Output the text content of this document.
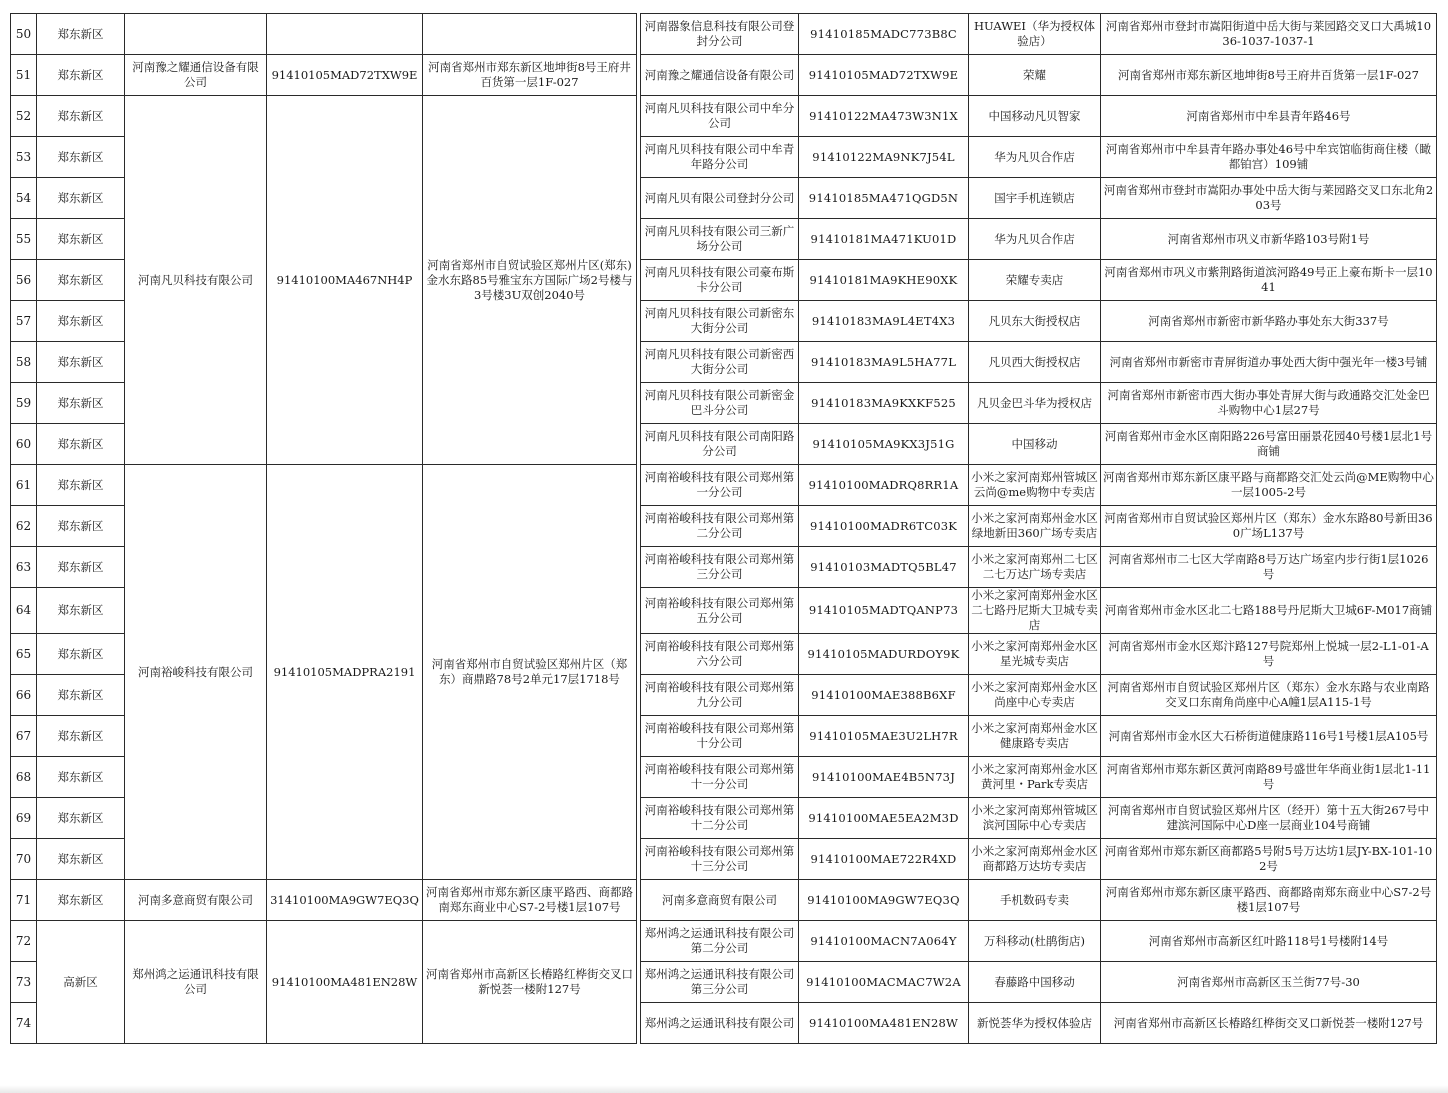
50	郑东新区					河南器象信息科技有限公司登封分公司	91410185MADC773B8C	HUAWEI（华为授权体验店）	河南省郑州市登封市嵩阳街道中岳大街与莱园路交叉口大禹城1036-1037-1037-1
51	郑东新区	河南豫之耀通信设备有限公司	91410105MAD72TXW9E	河南省郑州市郑东新区地坤街8号王府井百货第一层1F-027		河南豫之耀通信设备有限公司	91410105MAD72TXW9E	荣耀	河南省郑州市郑东新区地坤街8号王府井百货第一层1F-027
52	郑东新区	河南凡贝科技有限公司	91410100MA467NH4P	河南省郑州市自贸试验区郑州片区(郑东)金水东路85号雅宝东方国际广场2号楼与3号楼3U双创2040号		河南凡贝科技有限公司中牟分公司	91410122MA473W3N1X	中国移动凡贝智家	河南省郑州市中牟县青年路46号
53	郑东新区					河南凡贝科技有限公司中牟青年路分公司	91410122MA9NK7J54L	华为凡贝合作店	河南省郑州市中牟县青年路办事处46号中牟宾馆临街商住楼（瞰都铂宫）109铺
54	郑东新区					河南凡贝有限公司登封分公司	91410185MA471QGD5N	国宇手机连锁店	河南省郑州市登封市嵩阳办事处中岳大街与莱园路交叉口东北角203号
55	郑东新区					河南凡贝科技有限公司三新广场分公司	91410181MA471KU01D	华为凡贝合作店	河南省郑州市巩义市新华路103号附1号
56	郑东新区					河南凡贝科技有限公司豪布斯卡分公司	91410181MA9KHE90XK	荣耀专卖店	河南省郑州市巩义市紫荆路街道滨河路49号正上豪布斯卡一层1041
57	郑东新区					河南凡贝科技有限公司新密东大街分公司	91410183MA9L4ET4X3	凡贝东大街授权店	河南省郑州市新密市新华路办事处东大街337号
58	郑东新区					河南凡贝科技有限公司新密西大街分公司	91410183MA9L5HA77L	凡贝西大街授权店	河南省郑州市新密市青屏街道办事处西大街中强光年一楼3号铺
59	郑东新区					河南凡贝科技有限公司新密金巴斗分公司	91410183MA9KXKF525	凡贝金巴斗华为授权店	河南省郑州市新密市西大街办事处青屏大街与政通路交汇处金巴斗购物中心1层27号
60	郑东新区					河南凡贝科技有限公司南阳路分公司	91410105MA9KX3J51G	中国移动	河南省郑州市金水区南阳路226号富田丽景花园40号楼1层北1号商铺
61	郑东新区	河南裕峻科技有限公司	91410105MADPRA2191	河南省郑州市自贸试验区郑州片区（郑东）商鼎路78号2单元17层1718号		河南裕峻科技有限公司郑州第一分公司	91410100MADRQ8RR1A	小米之家河南郑州管城区云尚@me购物中专卖店	河南省郑州市郑东新区康平路与商都路交汇处云尚@ME购物中心一层1005-2号
62	郑东新区					河南裕峻科技有限公司郑州第二分公司	91410100MADR6TC03K	小米之家河南郑州金水区绿地新田360广场专卖店	河南省郑州市自贸试验区郑州片区（郑东）金水东路80号新田360广场L137号
63	郑东新区					河南裕峻科技有限公司郑州第三分公司	91410103MADTQ5BL47	小米之家河南郑州二七区二七万达广场专卖店	河南省郑州市二七区大学南路8号万达广场室内步行街1层1026号
64	郑东新区					河南裕峻科技有限公司郑州第五分公司	91410105MADTQANP73	小米之家河南郑州金水区二七路丹尼斯大卫城专卖店	河南省郑州市金水区北二七路188号丹尼斯大卫城6F-M017商铺
65	郑东新区					河南裕峻科技有限公司郑州第六分公司	91410105MADURDOY9K	小米之家河南郑州金水区星光城专卖店	河南省郑州市金水区郑汴路127号院郑州上悦城一层2-L1-01-A号
66	郑东新区					河南裕峻科技有限公司郑州第九分公司	91410100MAE388B6XF	小米之家河南郑州金水区尚座中心专卖店	河南省郑州市自贸试验区郑州片区（郑东）金水东路与农业南路交叉口东南角尚座中心A幢1层A115-1号
67	郑东新区					河南裕峻科技有限公司郑州第十分公司	91410105MAE3U2LH7R	小米之家河南郑州金水区健康路专卖店	河南省郑州市金水区大石桥街道健康路116号1号楼1层A105号
68	郑东新区					河南裕峻科技有限公司郑州第十一分公司	91410100MAE4B5N73J	小米之家河南郑州金水区黄河里・Park专卖店	河南省郑州市郑东新区黄河南路89号盛世年华商业街1层北1-11号
69	郑东新区					河南裕峻科技有限公司郑州第十二分公司	91410100MAE5EA2M3D	小米之家河南郑州管城区滨河国际中心专卖店	河南省郑州市自贸试验区郑州片区（经开）第十五大街267号中建滨河国际中心D座一层商业104号商铺
70	郑东新区					河南裕峻科技有限公司郑州第十三分公司	91410100MAE722R4XD	小米之家河南郑州金水区商都路万达坊专卖店	河南省郑州市郑东新区商都路5号附5号万达坊1层JY-BX-101-102号
71	郑东新区	河南多意商贸有限公司	31410100MA9GW7EQ3Q	河南省郑州市郑东新区康平路西、商都路南郑东商业中心S7-2号楼1层107号		河南多意商贸有限公司	91410100MA9GW7EQ3Q	手机数码专卖	河南省郑州市郑东新区康平路西、商都路南郑东商业中心S7-2号楼1层107号
72	高新区	郑州鸿之运通讯科技有限公司	91410100MA481EN28W	河南省郑州市高新区长椿路红桦街交叉口新悦荟一楼附127号		郑州鸿之运通讯科技有限公司第二分公司	91410100MACN7A064Y	万科移动(杜鹃街店)	河南省郑州市高新区红叶路118号1号楼附14号
73						郑州鸿之运通讯科技有限公司第三分公司	91410100MACMAC7W2A	春藤路中国移动	河南省郑州市高新区玉兰街77号-30
74						郑州鸿之运通讯科技有限公司	91410100MA481EN28W	新悦荟华为授权体验店	河南省郑州市高新区长椿路红桦街交叉口新悦荟一楼附127号
